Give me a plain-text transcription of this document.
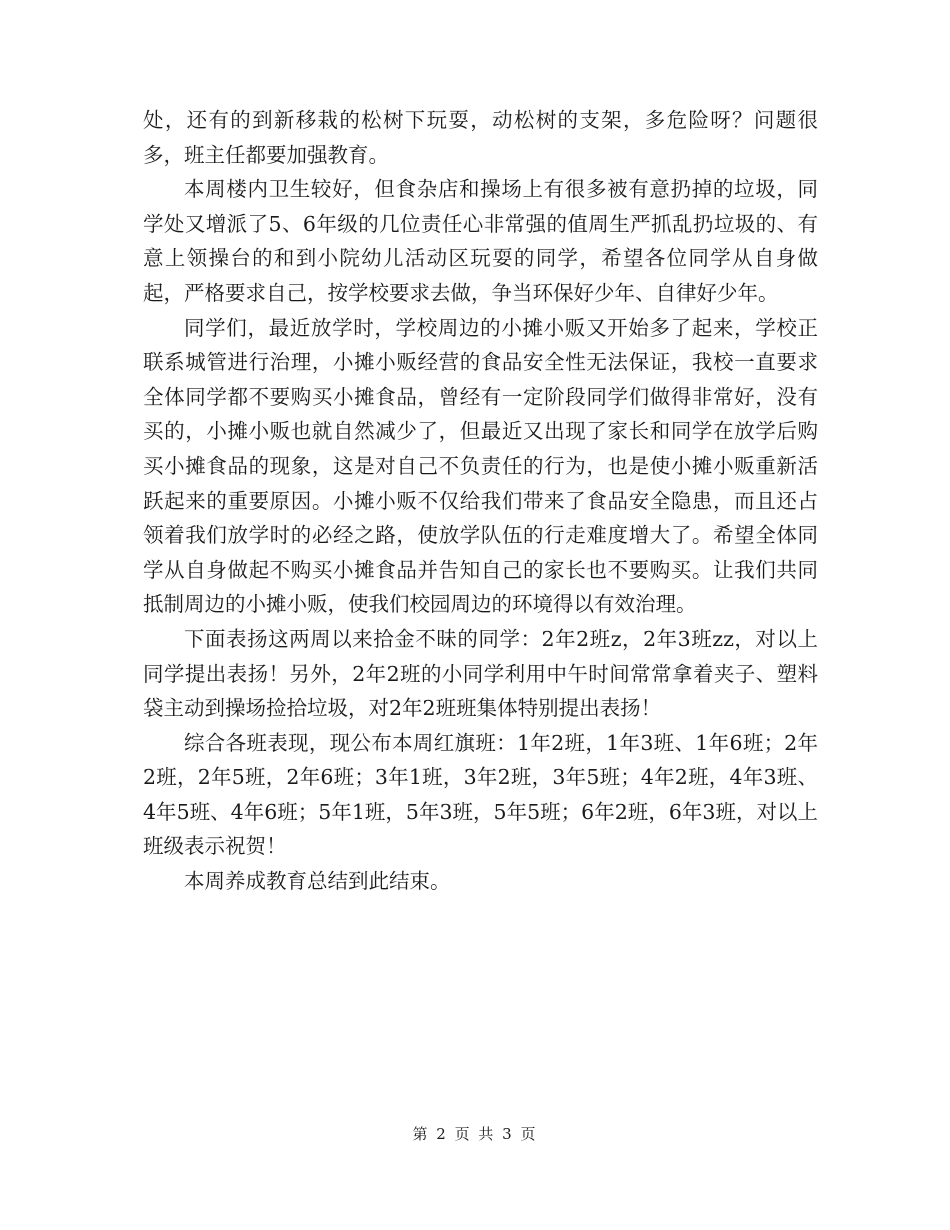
处，还有的到新移栽的松树下玩耍，动松树的支架，多危险呀？问题很多，班主任都要加强教育。

本周楼内卫生较好，但食杂店和操场上有很多被有意扔掉的垃圾，同学处又增派了5、6年级的几位责任心非常强的值周生严抓乱扔垃圾的、有意上领操台的和到小院幼儿活动区玩耍的同学，希望各位同学从自身做起，严格要求自己，按学校要求去做，争当环保好少年、自律好少年。

同学们，最近放学时，学校周边的小摊小贩又开始多了起来，学校正联系城管进行治理，小摊小贩经营的食品安全性无法保证，我校一直要求全体同学都不要购买小摊食品，曾经有一定阶段同学们做得非常好，没有买的，小摊小贩也就自然减少了，但最近又出现了家长和同学在放学后购买小摊食品的现象，这是对自己不负责任的行为，也是使小摊小贩重新活跃起来的重要原因。小摊小贩不仅给我们带来了食品安全隐患，而且还占领着我们放学时的必经之路，使放学队伍的行走难度增大了。希望全体同学从自身做起不购买小摊食品并告知自己的家长也不要购买。让我们共同抵制周边的小摊小贩，使我们校园周边的环境得以有效治理。

下面表扬这两周以来拾金不昧的同学：2年2班z，2年3班zz，对以上同学提出表扬！另外，2年2班的小同学利用中午时间常常拿着夹子、塑料袋主动到操场捡拾垃圾，对2年2班班集体特别提出表扬！

综合各班表现，现公布本周红旗班：1年2班，1年3班、1年6班；2年2班，2年5班，2年6班；3年1班，3年2班，3年5班；4年2班，4年3班、4年5班、4年6班；5年1班，5年3班，5年5班；6年2班，6年3班，对以上班级表示祝贺！

本周养成教育总结到此结束。

第 2 页 共 3 页
